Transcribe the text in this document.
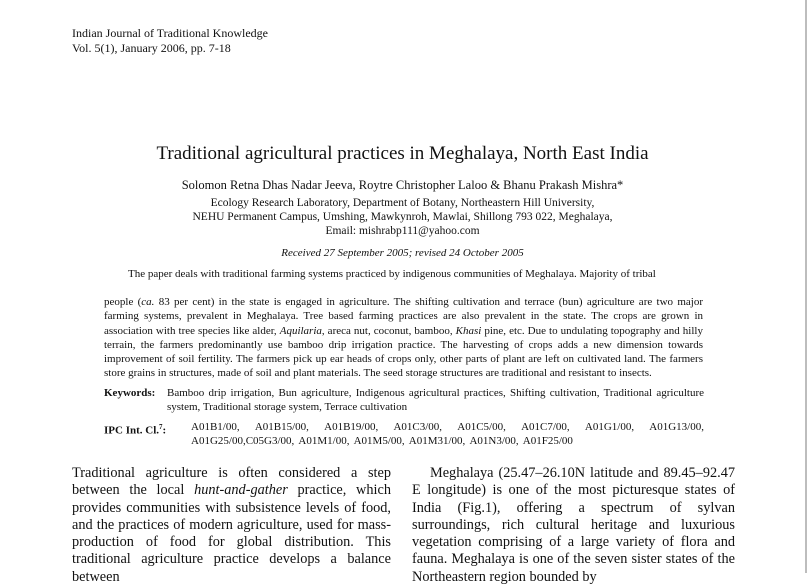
Indian Journal of Traditional Knowledge
Vol. 5(1), January 2006, pp. 7-18
Traditional agricultural practices in Meghalaya, North East India
Solomon Retna Dhas Nadar Jeeva, Roytre Christopher Laloo & Bhanu Prakash Mishra*
Ecology Research Laboratory, Department of Botany, Northeastern Hill University,
NEHU Permanent Campus, Umshing, Mawkynroh, Mawlai, Shillong 793 022, Meghalaya,
Email: mishrabp111@yahoo.com
Received 27 September 2005; revised 24 October 2005
The paper deals with traditional farming systems practiced by indigenous communities of Meghalaya. Majority of tribal
people (ca. 83 per cent) in the state is engaged in agriculture. The shifting cultivation and terrace (bun) agriculture are two major farming systems, prevalent in Meghalaya. Tree based farming practices are also prevalent in the state. The crops are grown in association with tree species like alder, Aquilaria, areca nut, coconut, bamboo, Khasi pine, etc. Due to undulating topography and hilly terrain, the farmers predominantly use bamboo drip irrigation practice. The harvesting of crops adds a new dimension towards improvement of soil fertility. The farmers pick up ear heads of crops only, other parts of plant are left on cultivated land. The farmers store grains in structures, made of soil and plant materials. The seed storage structures are traditional and resistant to insects.
Keywords: Bamboo drip irrigation, Bun agriculture, Indigenous agricultural practices, Shifting cultivation, Traditional agriculture system, Traditional storage system, Terrace cultivation
IPC Int. Cl.$^7$: A01B1/00, A01B15/00, A01B19/00, A01C3/00, A01C5/00, A01C7/00, A01G1/00, A01G13/00, A01G25/00,C05G3/00, A01M1/00, A01M5/00, A01M31/00, A01N3/00, A01F25/00
Traditional agriculture is often considered a step between the local hunt-and-gather practice, which provides communities with subsistence levels of food, and the practices of modern agriculture, used for mass-production of food for global distribution. This traditional agriculture practice develops a balance between
Meghalaya (25.47–26.10N latitude and 89.45–92.47 E longitude) is one of the most picturesque states of India (Fig.1), offering a spectrum of sylvan surroundings, rich cultural heritage and luxurious vegetation comprising of a large variety of flora and fauna. Meghalaya is one of the seven sister states of the Northeastern region bounded by
